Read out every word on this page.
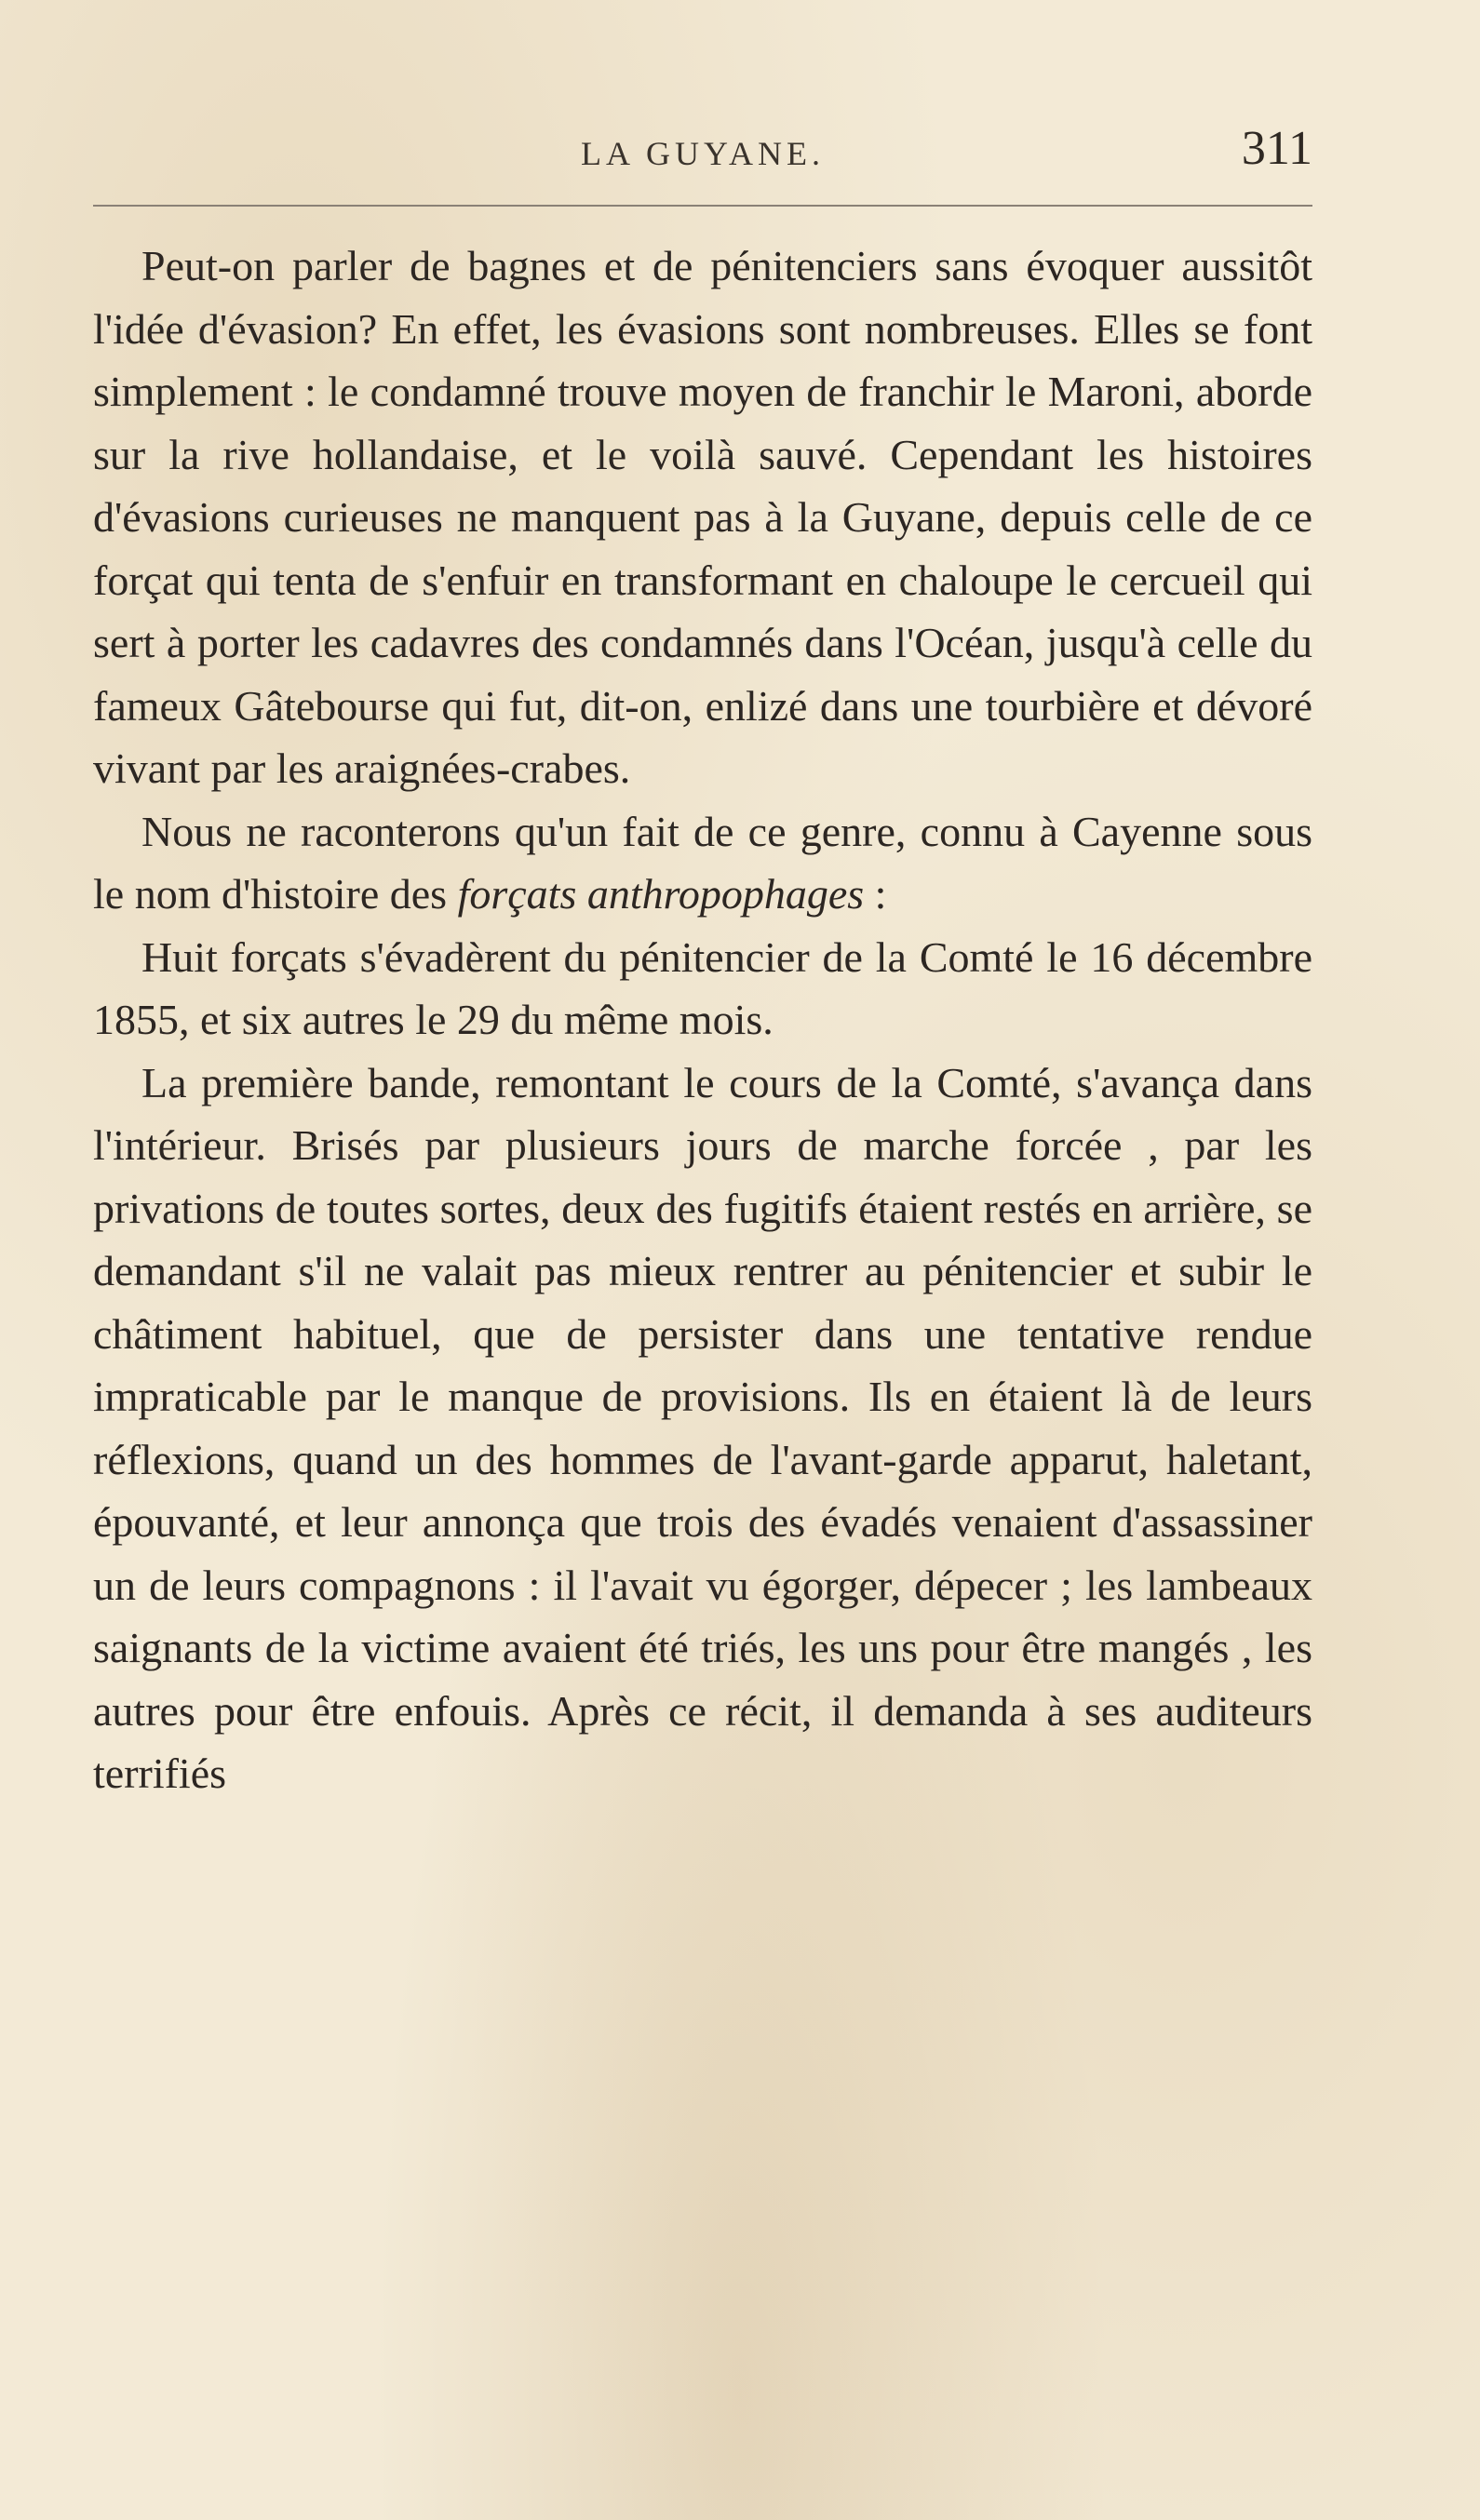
LA GUYANE.	311

Peut-on parler de bagnes et de pénitenciers sans évoquer aussitôt l'idée d'évasion? En effet, les évasions sont nombreuses. Elles se font simplement : le condamné trouve moyen de franchir le Maroni, aborde sur la rive hollandaise, et le voilà sauvé. Cependant les histoires d'évasions curieuses ne manquent pas à la Guyane, depuis celle de ce forçat qui tenta de s'enfuir en transformant en chaloupe le cercueil qui sert à porter les cadavres des condamnés dans l'Océan, jusqu'à celle du fameux Gâtebourse qui fut, dit-on, enlizé dans une tourbière et dévoré vivant par les araignées-crabes.

Nous ne raconterons qu'un fait de ce genre, connu à Cayenne sous le nom d'histoire des forçats anthropophages :

Huit forçats s'évadèrent du pénitencier de la Comté le 16 décembre 1855, et six autres le 29 du même mois.

La première bande, remontant le cours de la Comté, s'avança dans l'intérieur. Brisés par plusieurs jours de marche forcée , par les privations de toutes sortes, deux des fugitifs étaient restés en arrière, se demandant s'il ne valait pas mieux rentrer au pénitencier et subir le châtiment habituel, que de persister dans une tentative rendue impraticable par le manque de provisions. Ils en étaient là de leurs réflexions, quand un des hommes de l'avant-garde apparut, haletant, épouvanté, et leur annonça que trois des évadés venaient d'assassiner un de leurs compagnons : il l'avait vu égorger, dépecer ; les lambeaux saignants de la victime avaient été triés, les uns pour être mangés , les autres pour être enfouis. Après ce récit, il demanda à ses auditeurs terrifiés
